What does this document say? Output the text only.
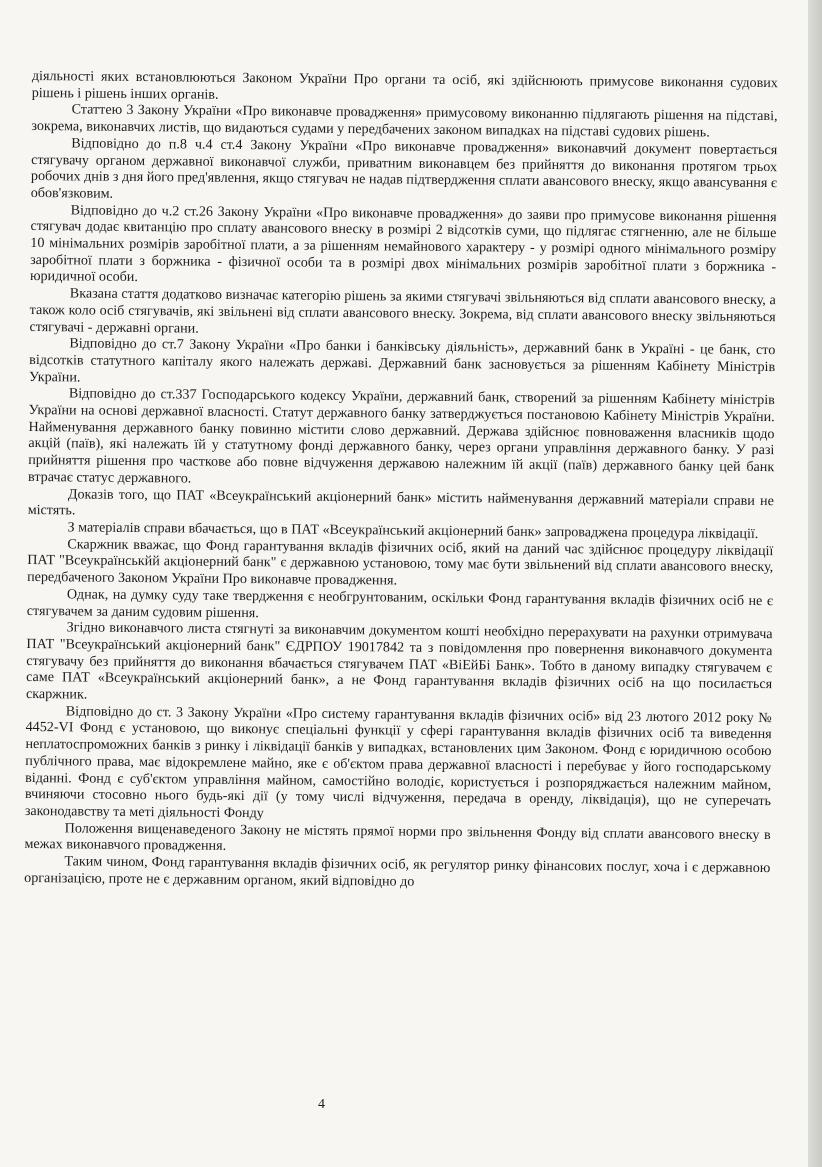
діяльності яких встановлюються Законом України Про органи та осіб, які здійснюють примусове виконання судових рішень і рішень інших органів.

Статтею 3 Закону України «Про виконавче провадження» примусовому виконанню підлягають рішення на підставі, зокрема, виконавчих листів, що видаються судами у передбачених законом випадках на підставі судових рішень.

Відповідно до п.8 ч.4 ст.4 Закону України «Про виконавче провадження» виконавчий документ повертається стягувачу органом державної виконавчої служби, приватним виконавцем без прийняття до виконання протягом трьох робочих днів з дня його пред'явлення, якщо стягувач не надав підтвердження сплати авансового внеску, якщо авансування є обов'язковим.

Відповідно до ч.2 ст.26 Закону України «Про виконавче провадження» до заяви про примусове виконання рішення стягувач додає квитанцію про сплату авансового внеску в розмірі 2 відсотків суми, що підлягає стягненню, але не більше 10 мінімальних розмірів заробітної плати, а за рішенням немайнового характеру - у розмірі одного мінімального розміру заробітної плати з боржника - фізичної особи та в розмірі двох мінімальних розмірів заробітної плати з боржника - юридичної особи.

Вказана стаття додатково визначає категорію рішень за якими стягувачі звільняються від сплати авансового внеску, а також коло осіб стягувачів, які звільнені від сплати авансового внеску. Зокрема, від сплати авансового внеску звільняються стягувачі - державні органи.

Відповідно до ст.7 Закону України «Про банки і банківську діяльність», державний банк в Україні - це банк, сто відсотків статутного капіталу якого належать державі. Державний банк засновується за рішенням Кабінету Міністрів України.

Відповідно до ст.337 Господарського кодексу України, державний банк, створений за рішенням Кабінету міністрів України на основі державної власності. Статут державного банку затверджується постановою Кабінету Міністрів України. Найменування державного банку повинно містити слово державний. Держава здійснює повноваження власників щодо акцій (паїв), які належать їй у статутному фонді державного банку, через органи управління державного банку. У разі прийняття рішення про часткове або повне відчуження державою належним їй акції (паїв) державного банку цей банк втрачає статус державного.

Доказів того, що ПАТ «Всеукраїнський акціонерний банк» містить найменування державний матеріали справи не містять.

З матеріалів справи вбачається, що в ПАТ «Всеукраїнський акціонерний банк» запроваджена процедура ліквідації.

Скаржник вважає, що Фонд гарантування вкладів фізичних осіб, який на даний час здійснює процедуру ліквідації ПАТ "Всеукраїнськйй акціонерний банк" є державною установою, тому має бути звільнений від сплати авансового внеску, передбаченого Законом України Про виконавче провадження.

Однак, на думку суду таке твердження є необгрунтованим, оскільки Фонд гарантування вкладів фізичних осіб не є стягувачем за даним судовим рішення.

Згідно виконавчого листа стягнуті за виконавчим документом кошті необхідно перерахувати на рахунки отримувача ПАТ "Всеукраїнський акціонерний банк" ЄДРПОУ 19017842 та з повідомлення про повернення виконавчого документа стягувачу без прийняття до виконання вбачається стягувачем ПАТ «ВіЕйБі Банк». Тобто в даному випадку стягувачем є саме ПАТ «Всеукраїнський акціонерний банк», а не Фонд гарантування вкладів фізичних осіб на що посилається скаржник.

Відповідно до ст. 3 Закону України «Про систему гарантування вкладів фізичних осіб» від 23 лютого 2012 року № 4452-VI Фонд є установою, що виконує спеціальні функції у сфері гарантування вкладів фізичних осіб та виведення неплатоспроможних банків з ринку і ліквідації банків у випадках, встановлених цим Законом. Фонд є юридичною особою публічного права, має відокремлене майно, яке є об'єктом права державної власності і перебуває у його господарському віданні. Фонд є суб'єктом управління майном, самостійно володіє, користується і розпоряджається належним майном, вчиняючи стосовно нього будь-які дії (у тому числі відчуження, передача в оренду, ліквідація), що не суперечать законодавству та меті діяльності Фонду

Положення вищенаведеного Закону не містять прямої норми про звільнення Фонду від сплати авансового внеску в межах виконавчого провадження.

Таким чином, Фонд гарантування вкладів фізичних осіб, як регулятор ринку фінансових послуг, хоча і є державною організацією, проте не є державним органом, який відповідно до

4
